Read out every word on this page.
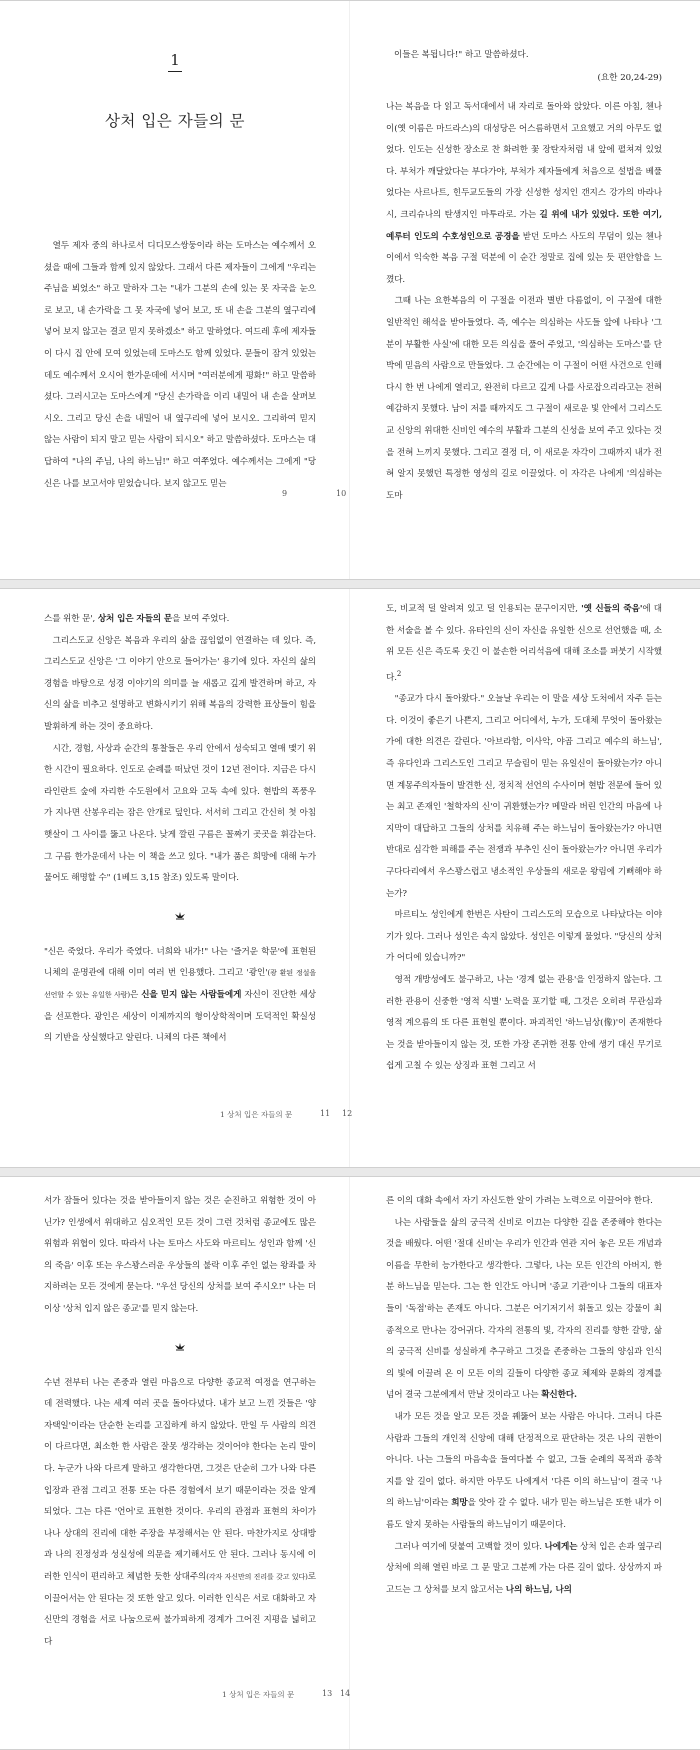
1
상처 입은 자들의 문

열두 제자 중의 하나로서 디디모스쌍둥이라 하는 도마스는 예수께서 오셨을 때에 그들과 함께 있지 않았다. 그래서 다른 제자들이 그에게 "우리는 주님을 뵈었소" 하고 말하자 그는 "내가 그분의 손에 있는 못 자국을 눈으로 보고, 내 손가락을 그 못 자국에 넣어 보고, 또 내 손을 그분의 옆구리에 넣어 보지 않고는 결코 믿지 못하겠소" 하고 말하였다. 여드레 후에 제자들이 다시 집 안에 모여 있었는데 도마스도 함께 있었다. 문들이 잠겨 있었는데도 예수께서 오시어 한가운데에 서시며 "여러분에게 평화!" 하고 말씀하셨다. 그러시고는 도마스에게 "당신 손가락을 이리 내밀어 내 손을 살펴보시오. 그리고 당신 손을 내밀어 내 옆구리에 넣어 보시오. 그리하여 믿지 않는 사람이 되지 말고 믿는 사람이 되시오" 하고 말씀하셨다. 도마스는 대답하여 "나의 주님, 나의 하느님!" 하고 여쭈었다. 예수께서는 그에게 "당신은 나를 보고서야 믿었습니다. 보지 않고도 믿는

9
이들은 복됩니다!" 하고 말씀하셨다.
(요한 20,24-29)

나는 복음을 다 읽고 독서대에서 내 자리로 돌아와 앉았다. 이른 아침, 첸나이(옛 이름은 마드라스)의 대성당은 어스름하면서 고요했고 거의 아무도 없었다. 인도는 신성한 장소로 찬 화려한 꽃 장탄자처럼 내 앞에 펼쳐져 있었다. 부처가 깨달았다는 부다가야, 부처가 제자들에게 처음으로 설법을 베풀었다는 사르나트, 힌두교도들의 가장 신성한 성지인 갠지스 강가의 바라나시, 크리슈나의 탄생지인 마투라로. 가는 길 위에 내가 있었다. 또한 여기, 예루터 인도의 수호성인으로 공경을 받던 도마스 사도의 무덤이 있는 첸나이에서 익숙한 복음 구절 덕분에 이 순간 정말로 집에 있는 듯 편안함을 느꼈다.

그때 나는 요한복음의 이 구절을 이전과 별반 다름없이, 이 구절에 대한 일반적인 해석을 받아들였다. 즉, 예수는 의심하는 사도들 앞에 나타나 '그분이 부활한 사실'에 대한 모든 의심을 풀어 주었고, '의심하는 도마스'를 단박에 믿음의 사람으로 만들었다. 그 순간에는 이 구절이 어떤 사건으로 인해 다시 한 번 나에게 열리고, 완전히 다르고 깊게 나를 사로잡으리라고는 전혀 예감하지 못했다. 남이 저를 때까지도 그 구절이 새로운 빛 안에서 그리스도교 신앙의 위대한 신비인 예수의 부활과 그분의 신성을 보여 주고 있다는 것을 전혀 느끼지 못했다. 그리고 결정 더, 이 새로운 자각이 그때까지 내가 전혀 알지 못했던 특정한 영성의 길로 이끌었다. 이 자각은 나에게 '의심하는 도마

10

스를 위한 문', 상처 입은 자들의 문을 보여 주었다.

그리스도교 신앙은 복음과 우리의 삶을 끊임없이 연결하는 데 있다. 즉, 그리스도교 신앙은 '그 이야기 안으로 들어가는' 용기에 있다. 자신의 삶의 경험을 바탕으로 성경 이야기의 의미를 늘 새롭고 깊게 발견하며 하고, 자신의 삶을 비추고 설명하고 변화시키기 위해 복음의 강력한 표상들이 힘을 발휘하게 하는 것이 중요하다.

시간, 경험, 사상과 순간의 통찰들은 우리 안에서 성숙되고 열매 맺기 위한 시간이 필요하다. 인도로 순례를 떠났던 것이 12년 전이다. 지금은 다시 라인란트 숲에 자리한 수도원에서 고요와 고독 속에 있다. 현밥의 폭풍우가 지나면 산봉우리는 잠은 안개로 덮인다. 서서히 그리고 간신히 첫 아침 햇살이 그 사이를 뚫고 나온다. 낮게 깔린 구름은 꼴짜기 곳곳을 휘감는다. 그 구름 한가운데서 나는 이 책을 쓰고 있다. "내가 품은 희망에 대해 누가 물어도 해명할 수" (1베드 3,15 참조) 있도록 말이다.

"신은 죽었다. 우리가 죽였다. 너희와 내가!" 나는 '즐거운 학문'에 표현된 니체의 운명관에 대해 이미 여러 번 인용했다. 그리고 '광인'(광 환된 정설을 선언할 수 있는 유일한 사람)은 신을 믿지 않는 사람들에게 자신이 진단한 세상을 선포한다. 광인은 세상이 이제까지의 형이상학적이며 도덕적인 확실성의 기반을 상실했다고 알린다. 니체의 다른 책에서

1 상처 입은 자들의 문	11

도, 비교적 덜 알려져 있고 덜 인용되는 문구이지만, '옛 신들의 죽음'에 대한 서술을 볼 수 있다. 유타인의 신이 자신을 유일한 신으로 선언했을 때, 소위 모든 신은 즉도록 웃긴 이 불손한 어리석음에 대해 조소를 퍼붓기 시작했다.$^2$

"종교가 다시 돌아왔다." 오늘날 우리는 이 말을 세상 도처에서 자주 듣는다. 이것이 좋은기 나쁜지, 그리고 어디에서, 누가, 도대체 무엇이 돌아왔는가에 대한 의견은 갈린다. '아브라함, 이사악, 야곱 그리고 예수의 하느님', 즉 유다인과 그리스도인 그리고 무슬림이 믿는 유일신이 돌아왔는가? 아니면 계몽주의자들이 발견한 신, 정치적 선언의 수사이며 현밥 전문에 들어 있는 최고 존재인 '철학자의 신'이 귀환했는가? 메말라 버린 인간의 마음에 나지막이 대답하고 그들의 상처를 치유해 주는 하느님이 돌아왔는가? 아니면 반대로 심각한 피해를 주는 전쟁과 부추인 신이 돌아왔는가? 아니면 우리가 구다다리에서 우스꽝스럽고 냉소적인 우상들의 새로운 왕림에 기뻐해야 하는가?

마르티노 성인에게 한번은 사탄이 그리스도의 모습으로 나타났다는 이야기가 있다. 그러나 성인은 속지 않았다. 성인은 이렇게 물었다. "당신의 상처가 어디에 있습니까?"

영적 개방성에도 불구하고, 나는 '경계 없는 관용'을 인정하지 않는다. 그러한 관용이 신중한 '영적 식별' 노력을 포기할 때, 그것은 오히려 무관심과 영적 계으름의 또 다른 표현일 뿐이다. 파괴적인 '하느님상(像)'이 존재한다는 것을 받아들이지 않는 것, 또한 가장 존귀한 전통 안에 생기 대신 무기로 쉽게 고칠 수 있는 상징과 표현 그리고 서

12

서가 잠들어 있다는 것을 받아들이지 않는 것은 순진하고 위험한 것이 아닌가? 인생에서 위대하고 심오적인 모든 것이 그런 것처럼 종교에도 많은 위험과 위협이 있다. 따라서 나는 토마스 사도와 마르티노 성인과 함께 '신의 죽음' 이후 또는 우스꽝스러운 우상들의 불락 이후 주인 없는 왕좌를 차지하려는 모든 것에게 묻는다. "우선 당신의 상처를 보여 주시오!" 나는 더 이상 '상처 입지 않은 종교'를 믿지 않는다.

수년 전부터 나는 존중과 열린 마음으로 다양한 종교적 여정을 연구하는 데 전력했다. 나는 세계 여러 곳을 돌아다녔다. 내가 보고 느낀 것들은 '양자택일'이라는 단순한 논리를 고집하게 하지 않았다. 만일 두 사람의 의견이 다르다면, 최소한 한 사람은 잘못 생각하는 것이어야 한다는 논리 말이다. 누군가 나와 다르게 말하고 생각한다면, 그것은 단순히 그가 나와 다른 입장과 관점 그리고 전통 또는 다른 경험에서 보기 때문이라는 것을 알게 되었다. 그는 다른 '언어'로 표현한 것이다. 우리의 관점과 표현의 차이가 나나 상대의 진리에 대한 주장을 부정해서는 안 된다. 마찬가지로 상대방과 나의 진정성과 성실성에 의문을 제기해서도 안 된다. 그러나 동시에 이러한 인식이 편리하고 체념한 듯한 상대주의(각자 자신만의 진리를 갖고 있다)로 이끌어서는 안 된다는 것 또한 알고 있다. 이러한 인식은 서로 대화하고 자신만의 경험을 서로 나눔으로써 불가피하게 경계가 그어진 지평을 넓히고 다

1 상처 입은 자들의 문	13

른 이의 대화 속에서 자기 자신도한 알이 가려는 노력으로 이끌어야 한다.

나는 사람들을 삶의 궁극적 신비로 이끄는 다양한 길을 존중해야 한다는 것을 배웠다. 어떤 '절대 신비'는 우리가 인간과 연관 지어 놓은 모든 개념과 이름을 무한히 능가한다고 생각한다. 그렇다, 나는 모든 인간의 아버지, 한 분 하느님을 믿는다. 그는 한 인간도 아니며 '종교 기관'이나 그들의 대표자들이 '독점'하는 존재도 아니다. 그분은 어기저기서 휘돌고 있는 강물이 최종적으로 만나는 강어귀다. 각자의 전통의 빛, 각자의 진리를 향한 갈망, 삶의 궁극적 신비를 성실하게 추구하고 그것을 존중하는 그들의 양심과 인식의 빛에 이끌려 온 이 모든 이의 길들이 다양한 종교 체제와 문화의 경계를 넘어 결국 그분에게서 만날 것이라고 나는 확신한다.

내가 모든 것을 알고 모든 것을 꿰뚫어 보는 사람은 아니다. 그러니 다른 사람과 그들의 개인적 신앙에 대해 단정적으로 판단하는 것은 나의 권한이 아니다. 나는 그들의 마음속을 들여다볼 수 없고, 그들 순례의 목적과 종착지를 알 길이 없다. 하지만 아무도 나에게서 '다른 이의 하느님'이 결국 '나의 하느님'이라는 희망을 앗아 갈 수 없다. 내가 믿는 하느님은 또한 내가 이름도 알지 못하는 사람들의 하느님이기 때문이다.

그러나 여기에 덧붙여 고백할 것이 있다. 나에게는 상처 입은 손과 옆구리 상처에 의해 열린 바로 그 문 말고 그분께 가는 다른 길이 없다. 상상까지 파고드는 그 상처를 보지 않고서는 나의 하느님, 나의

14
